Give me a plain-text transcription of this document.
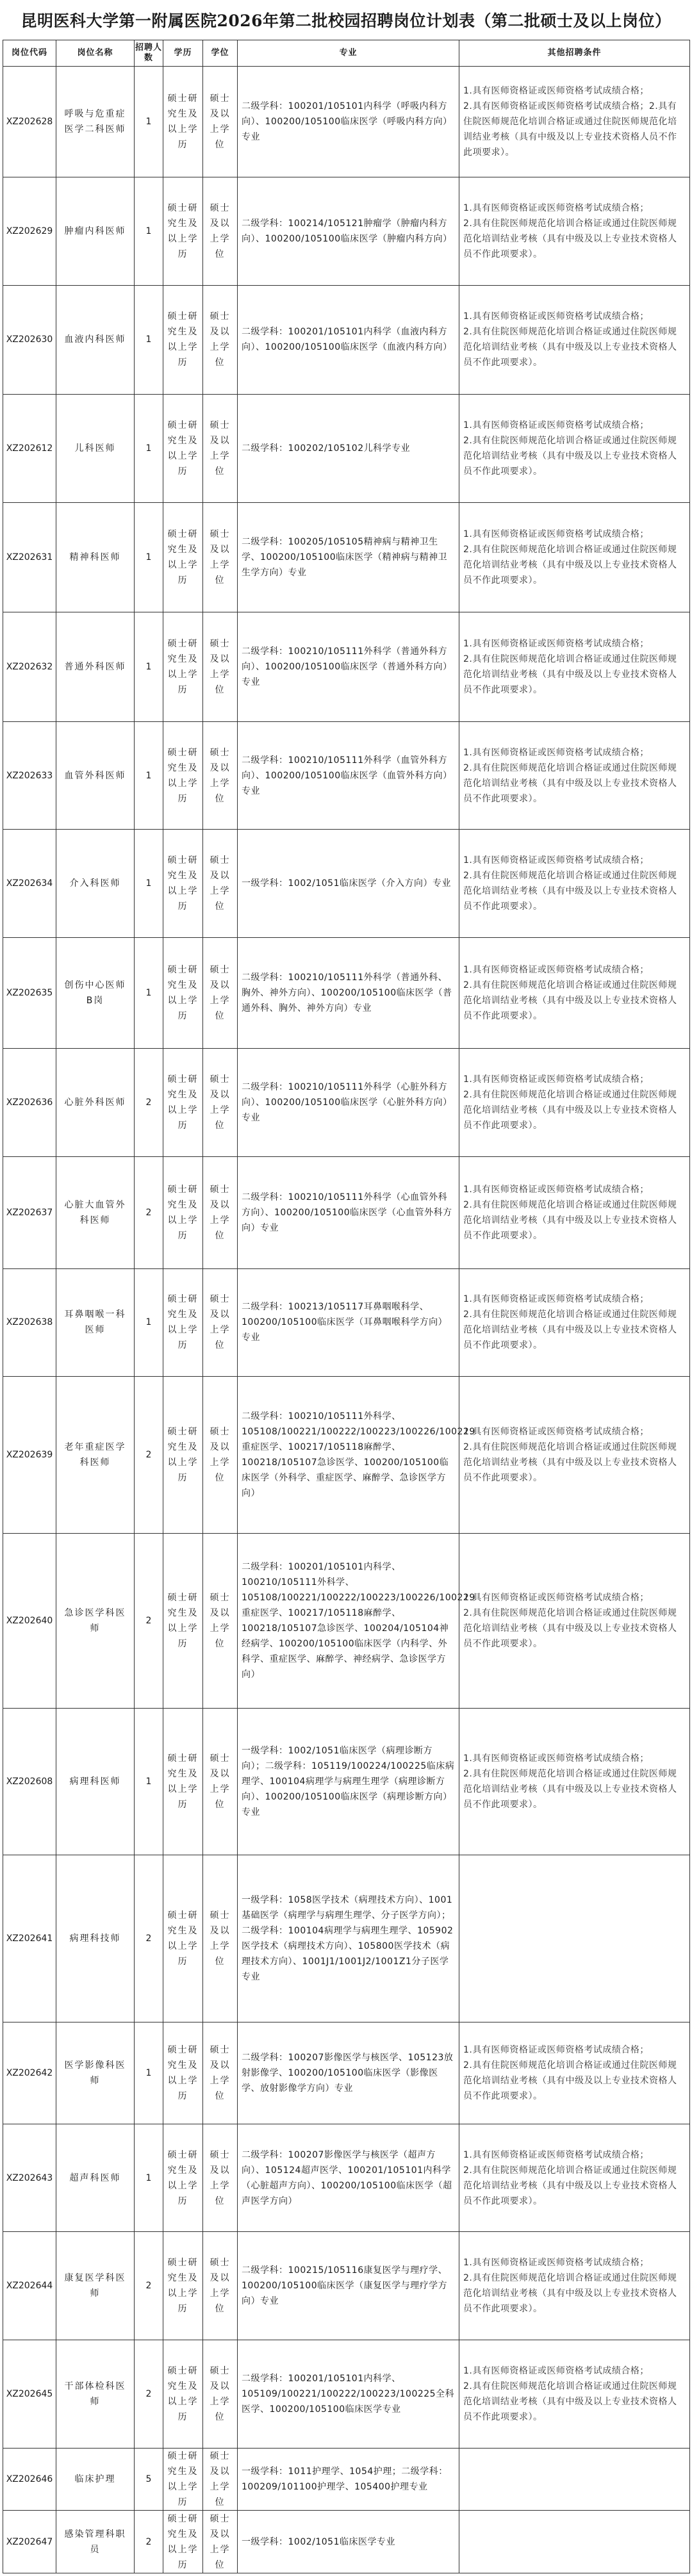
昆明医科大学第一附属医院2026年第二批校园招聘岗位计划表（第二批硕士及以上岗位）
岗位代码	岗位名称	招聘人数	学历	学位	专业	其他招聘条件
XZ202628	呼吸与危重症医学二科医师	1	硕士研究生及以上学历	硕士及以上学位	二级学科：100201/105101内科学（呼吸内科方向）、100200/105100临床医学（呼吸内科方向）专业	1.具有医师资格证或医师资格考试成绩合格；
2.具有医师资格证或医师资格考试成绩合格；2.具有住院医师规范化培训合格证或通过住院医师规范化培训结业考核（具有中级及以上专业技术资格人员不作此项要求）。
XZ202629	肿瘤内科医师	1	硕士研究生及以上学历	硕士及以上学位	二级学科：100214/105121肿瘤学（肿瘤内科方向）、100200/105100临床医学（肿瘤内科方向）	1.具有医师资格证或医师资格考试成绩合格；
2.具有住院医师规范化培训合格证或通过住院医师规范化培训结业考核（具有中级及以上专业技术资格人员不作此项要求）。
XZ202630	血液内科医师	1	硕士研究生及以上学历	硕士及以上学位	二级学科：100201/105101内科学（血液内科方向）、100200/105100临床医学（血液内科方向）	1.具有医师资格证或医师资格考试成绩合格；
2.具有住院医师规范化培训合格证或通过住院医师规范化培训结业考核（具有中级及以上专业技术资格人员不作此项要求）。
XZ202612	儿科医师	1	硕士研究生及以上学历	硕士及以上学位	二级学科：100202/105102儿科学专业	1.具有医师资格证或医师资格考试成绩合格；
2.具有住院医师规范化培训合格证或通过住院医师规范化培训结业考核（具有中级及以上专业技术资格人员不作此项要求）。
XZ202631	精神科医师	1	硕士研究生及以上学历	硕士及以上学位	二级学科：100205/105105精神病与精神卫生学、100200/105100临床医学（精神病与精神卫生学方向）专业	1.具有医师资格证或医师资格考试成绩合格；
2.具有住院医师规范化培训合格证或通过住院医师规范化培训结业考核（具有中级及以上专业技术资格人员不作此项要求）。
XZ202632	普通外科医师	1	硕士研究生及以上学历	硕士及以上学位	二级学科：100210/105111外科学（普通外科方向）、100200/105100临床医学（普通外科方向）专业	1.具有医师资格证或医师资格考试成绩合格；
2.具有住院医师规范化培训合格证或通过住院医师规范化培训结业考核（具有中级及以上专业技术资格人员不作此项要求）。
XZ202633	血管外科医师	1	硕士研究生及以上学历	硕士及以上学位	二级学科：100210/105111外科学（血管外科方向）、100200/105100临床医学（血管外科方向）专业	1.具有医师资格证或医师资格考试成绩合格；
2.具有住院医师规范化培训合格证或通过住院医师规范化培训结业考核（具有中级及以上专业技术资格人员不作此项要求）。
XZ202634	介入科医师	1	硕士研究生及以上学历	硕士及以上学位	一级学科：1002/1051临床医学（介入方向）专业	1.具有医师资格证或医师资格考试成绩合格；
2.具有住院医师规范化培训合格证或通过住院医师规范化培训结业考核（具有中级及以上专业技术资格人员不作此项要求）。
XZ202635	创伤中心医师B岗	1	硕士研究生及以上学历	硕士及以上学位	二级学科：100210/105111外科学（普通外科、胸外、神外方向）、100200/105100临床医学（普通外科、胸外、神外方向）专业	1.具有医师资格证或医师资格考试成绩合格；
2.具有住院医师规范化培训合格证或通过住院医师规范化培训结业考核（具有中级及以上专业技术资格人员不作此项要求）。
XZ202636	心脏外科医师	2	硕士研究生及以上学历	硕士及以上学位	二级学科：100210/105111外科学（心脏外科方向）、100200/105100临床医学（心脏外科方向）专业	1.具有医师资格证或医师资格考试成绩合格；
2.具有住院医师规范化培训合格证或通过住院医师规范化培训结业考核（具有中级及以上专业技术资格人员不作此项要求）。
XZ202637	心脏大血管外科医师	2	硕士研究生及以上学历	硕士及以上学位	二级学科：100210/105111外科学（心血管外科方向）、100200/105100临床医学（心血管外科方向）专业	1.具有医师资格证或医师资格考试成绩合格；
2.具有住院医师规范化培训合格证或通过住院医师规范化培训结业考核（具有中级及以上专业技术资格人员不作此项要求）。
XZ202638	耳鼻咽喉一科医师	1	硕士研究生及以上学历	硕士及以上学位	二级学科：100213/105117耳鼻咽喉科学、100200/105100临床医学（耳鼻咽喉科学方向）专业	1.具有医师资格证或医师资格考试成绩合格；
2.具有住院医师规范化培训合格证或通过住院医师规范化培训结业考核（具有中级及以上专业技术资格人员不作此项要求）。
XZ202639	老年重症医学科医师	2	硕士研究生及以上学历	硕士及以上学位	二级学科：100210/105111外科学、105108/100221/100222/100223/100226/100229重症医学、100217/105118麻醉学、100218/105107急诊医学、100200/105100临床医学（外科学、重症医学、麻醉学、急诊医学方向）	1.具有医师资格证或医师资格考试成绩合格；
2.具有住院医师规范化培训合格证或通过住院医师规范化培训结业考核（具有中级及以上专业技术资格人员不作此项要求）。
XZ202640	急诊医学科医师	2	硕士研究生及以上学历	硕士及以上学位	二级学科：100201/105101内科学、100210/105111外科学、105108/100221/100222/100223/100226/100229重症医学、100217/105118麻醉学、100218/105107急诊医学、100204/105104神经病学、100200/105100临床医学（内科学、外科学、重症医学、麻醉学、神经病学、急诊医学方向）	1.具有医师资格证或医师资格考试成绩合格；
2.具有住院医师规范化培训合格证或通过住院医师规范化培训结业考核（具有中级及以上专业技术资格人员不作此项要求）。
XZ202608	病理科医师	1	硕士研究生及以上学历	硕士及以上学位	一级学科：1002/1051临床医学（病理诊断方向）；二级学科：105119/100224/100225临床病理学、100104病理学与病理生理学（病理诊断方向）、100200/105100临床医学（病理诊断方向）专业	1.具有医师资格证或医师资格考试成绩合格；
2.具有住院医师规范化培训合格证或通过住院医师规范化培训结业考核（具有中级及以上专业技术资格人员不作此项要求）。
XZ202641	病理科技师	2	硕士研究生及以上学历	硕士及以上学位	一级学科：1058医学技术（病理技术方向）、1001基础医学（病理学与病理生理学、分子医学方向）；二级学科：100104病理学与病理生理学、105902医学技术（病理技术方向）、105800医学技术（病理技术方向）、1001J1/1001J2/1001Z1分子医学专业	
XZ202642	医学影像科医师	1	硕士研究生及以上学历	硕士及以上学位	二级学科：100207影像医学与核医学、105123放射影像学、100200/105100临床医学（影像医学、放射影像学方向）专业	1.具有医师资格证或医师资格考试成绩合格；
2.具有住院医师规范化培训合格证或通过住院医师规范化培训结业考核（具有中级及以上专业技术资格人员不作此项要求）。
XZ202643	超声科医师	1	硕士研究生及以上学历	硕士及以上学位	二级学科：100207影像医学与核医学（超声方向）、105124超声医学、100201/105101内科学（心脏超声方向）、100200/105100临床医学（超声医学方向）	1.具有医师资格证或医师资格考试成绩合格；
2.具有住院医师规范化培训合格证或通过住院医师规范化培训结业考核（具有中级及以上专业技术资格人员不作此项要求）。
XZ202644	康复医学科医师	2	硕士研究生及以上学历	硕士及以上学位	二级学科：100215/105116康复医学与理疗学、100200/105100临床医学（康复医学与理疗学方向）专业	1.具有医师资格证或医师资格考试成绩合格；
2.具有住院医师规范化培训合格证或通过住院医师规范化培训结业考核（具有中级及以上专业技术资格人员不作此项要求）。
XZ202645	干部体检科医师	2	硕士研究生及以上学历	硕士及以上学位	二级学科：100201/105101内科学、105109/100221/100222/100223/100225全科医学、100200/105100临床医学专业	1.具有医师资格证或医师资格考试成绩合格；
2.具有住院医师规范化培训合格证或通过住院医师规范化培训结业考核（具有中级及以上专业技术资格人员不作此项要求）。
XZ202646	临床护理	5	硕士研究生及以上学历	硕士及以上学位	一级学科：1011护理学、1054护理；二级学科：100209/101100护理学、105400护理专业	
XZ202647	感染管理科职员	2	硕士研究生及以上学历	硕士及以上学位	一级学科：1002/1051临床医学专业	
